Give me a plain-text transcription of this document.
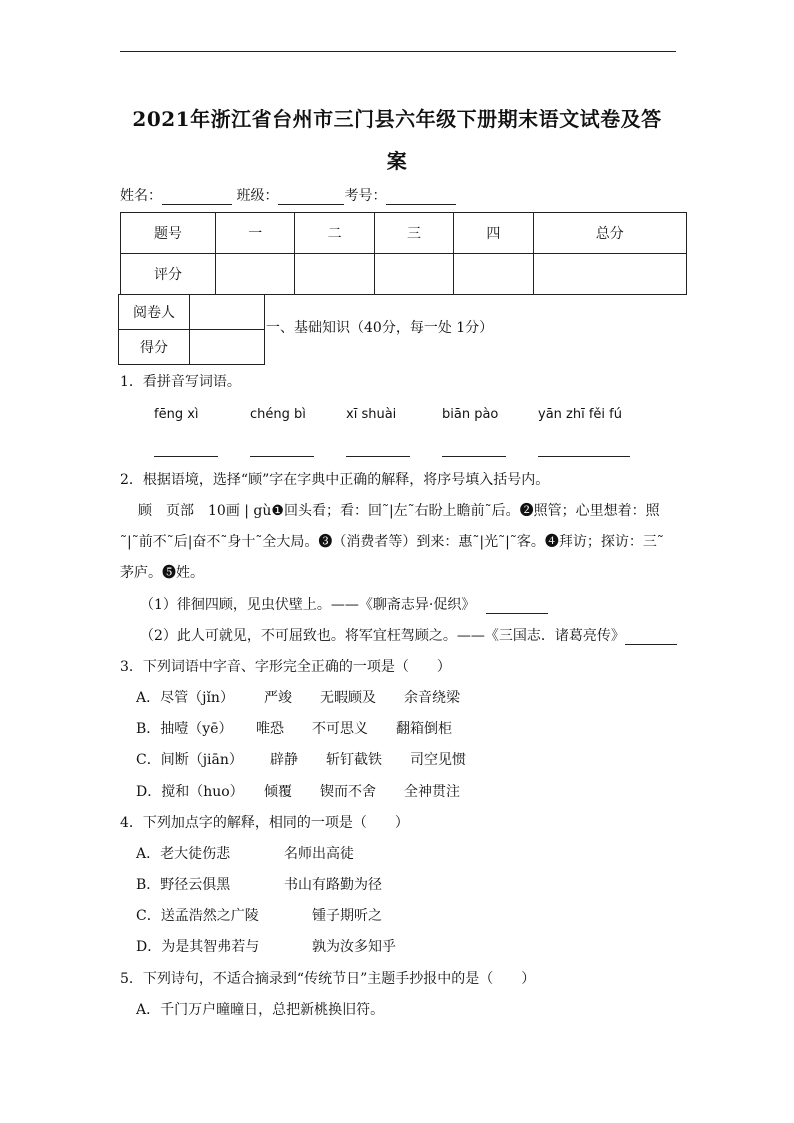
2021年浙江省台州市三门县六年级下册期末语文试卷及答
案
姓名：	班级：	考号：
题号	一	二	三	四	总分
评分					
阅卷人	
得分	
一、基础知识（40分，每一处 1分）
1．看拼音写词语。
fēng xì	chéng bì	xī shuài	biān pào	yān zhī fěi fú
2．根据语境，选择“顾”字在字典中正确的解释，将序号填入括号内。
顾　页部　10画 | gù❶回头看；看：回˜|左˜右盼上瞻前˜后。❷照管；心里想着：照
˜|˜前不˜后|奋不˜身十˜全大局。❸（消费者等）到来：惠˜|光˜|˜客。❹拜访；探访：三˜
茅庐。❺姓。
（1）徘徊四顾，见虫伏壁上。——《聊斋志异·促织》
（2）此人可就见，不可屈致也。将军宜枉驾顾之。——《三国志．诸葛亮传》
3．下列词语中字音、字形完全正确的一项是（　　）
A．尽管（jǐn） 严竣 无暇顾及 余音绕梁
B．抽噎（yē） 唯恐 不可思义 翻箱倒柜
C．间断（jiān） 辟静 斩钉截铁 司空见惯
D．搅和（huo） 倾覆 锲而不舍 全神贯注
4．下列加点字的解释，相同的一项是（　　）
A．老大徒伤悲	名师出高徒
B．野径云俱黑	书山有路勤为径
C．送孟浩然之广陵	锺子期听之
D．为是其智弗若与	孰为汝多知乎
5．下列诗句，不适合摘录到“传统节日”主题手抄报中的是（　　）
A．千门万户曈曈日，总把新桃换旧符。
